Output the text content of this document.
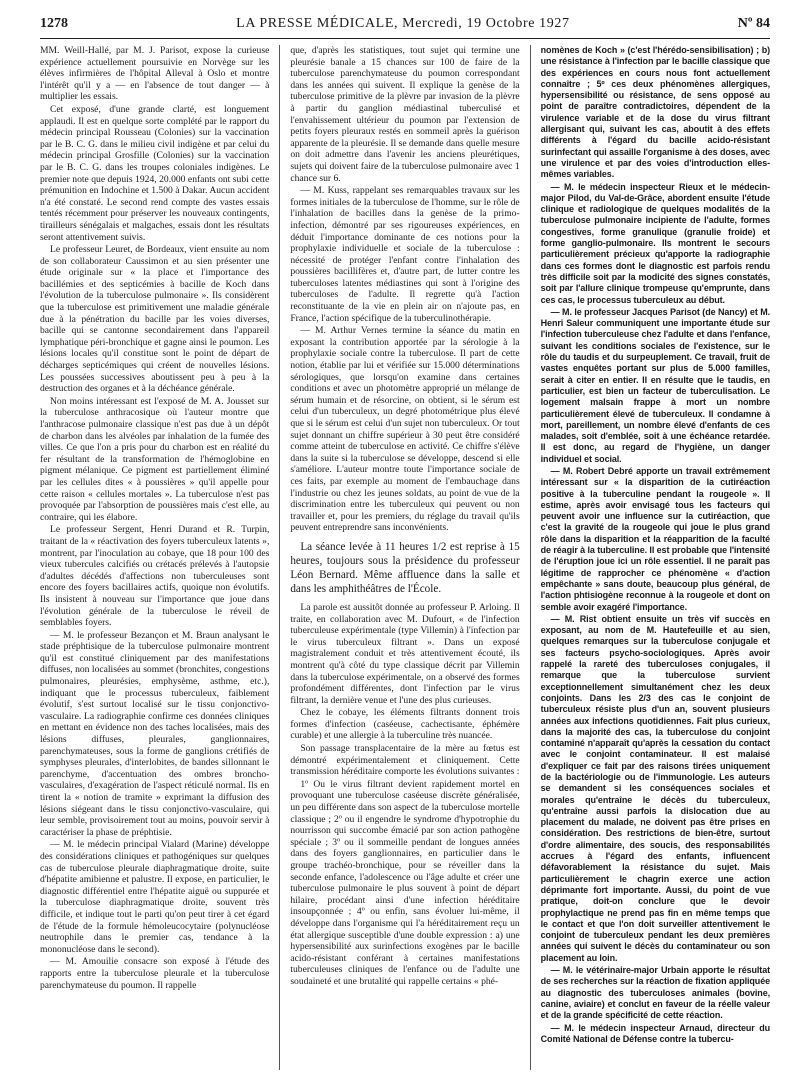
1278	LA PRESSE MÉDICALE, Mercredi, 19 Octobre 1927	Nº 84

MM. Weill-Hallé, par M. J. Parisot, expose la curieuse expérience actuellement poursuivie en Norvège sur les élèves infirmières de l'hôpital Alleval à Oslo et montre l'intérêt qu'il y a — en l'absence de tout danger — à multiplier les essais.

Cet exposé, d'une grande clarté, est longuement applaudi. Il est en quelque sorte complété par le rapport du médecin principal Rousseau (Colonies) sur la vaccination par le B. C. G. dans le milieu civil indigène et par celui du médecin principal Grosfille (Colonies) sur la vaccination par le B. C. G. dans les troupes coloniales indigènes. Le premier note que depuis 1924, 20.000 enfants ont subi cette prémunition en Indochine et 1.500 à Dakar. Aucun accident n'a été constaté. Le second rend compte des vastes essais tentés récemment pour préserver les nouveaux contingents, tirailleurs sénégalais et malgaches, essais dont les résultats seront attentivement suivis.

Le professeur Leuret, de Bordeaux, vient ensuite au nom de son collaborateur Caussimon et au sien présenter une étude originale sur « la place et l'importance des bacillémies et des septicémies à bacille de Koch dans l'évolution de la tuberculose pulmonaire ». Ils considèrent que la tuberculose est primitivement une maladie générale due à la pénétration du bacille par les voies diverses, bacille qui se cantonne secondairement dans l'appareil lymphatique péri-bronchique et gagne ainsi le poumon. Les lésions locales qu'il constitue sont le point de départ de décharges septicémiques qui créent de nouvelles lésions. Les poussées successives aboutissent peu à peu à la destruction des organes et à la déchéance générale.

Non moins intéressant est l'exposé de M. A. Jousset sur la tuberculose anthracosique où l'auteur montre que l'anthracose pulmonaire classique n'est pas due à un dépôt de charbon dans les alvéoles par inhalation de la fumée des villes. Ce que l'on a pris pour du charbon est en réalité du fer résultant de la transformation de l'hémoglobine en pigment mélanique. Ce pigment est partiellement éliminé par les cellules dites « à poussières » qu'il appelle pour cette raison « cellules mortales ». La tuberculose n'est pas provoquée par l'absorption de poussières mais c'est elle, au contraire, qui les élabore.

Le professeur Sergent, Henri Durand et R. Turpin, traitant de la « réactivation des foyers tuberculeux latents », montrent, par l'inoculation au cobaye, que 18 pour 100 des vieux tubercules calcifiés ou crétacés prélevés à l'autopsie d'adultes décédés d'affections non tuberculeuses sont encore des foyers bacillaires actifs, quoique non évolutifs. Ils insistent à nouveau sur l'importance que joue dans l'évolution générale de la tuberculose le réveil de semblables foyers.

— M. le professeur Bezançon et M. Braun analysant le stade préphtisique de la tuberculose pulmonaire montrent qu'il est constitué cliniquement par des manifestations diffuses, non localisées au sommet (bronchites, congestions pulmonaires, pleurésies, emphysème, asthme, etc.), indiquant que le processus tuberculeux, faiblement évolutif, s'est surtout localisé sur le tissu conjonctivo-vasculaire. La radiographie confirme ces données cliniques en mettant en évidence non des taches localisées, mais des lésions diffuses, pleurales, ganglionnaires, parenchymateuses, sous la forme de ganglions crétifiés de symphyses pleurales, d'interlobites, de bandes sillonnant le parenchyme, d'accentuation des ombres broncho-vasculaires, d'exagération de l'aspect réticulé normal. Ils en tirent la « notion de tramite » exprimant la diffusion des lésions siégeant dans le tissu conjonctivo-vasculaire, qui leur semble, provisoirement tout au moins, pouvoir servir à caractériser la phase de préphtisie.

— M. le médecin principal Vialard (Marine) développe des considérations cliniques et pathogéniques sur quelques cas de tuberculose pleurale diaphragmatique droite, suite d'hépatite amibienne et palustre. Il expose, en particulier, le diagnostic différentiel entre l'hépatite aiguë ou suppurée et la tuberculose diaphragmatique droite, souvent très difficile, et indique tout le parti qu'on peut tirer à cet égard de l'étude de la formule hémoleucocytaire (polynucléose neutrophile dans le premier cas, tendance à la mononucléose dans le second).

— M. Amouilie consacre son exposé à l'étude des rapports entre la tuberculose pleurale et la tuberculose parenchymateuse du poumon. Il rappelle

que, d'après les statistiques, tout sujet qui termine une pleurésie banale a 15 chances sur 100 de faire de la tuberculose parenchymateuse du poumon correspondant dans les années qui suivent. Il explique la genèse de la tuberculose primitive de la plèvre par invasion de la plèvre à partir du ganglion médiastinal tuberculisé et l'envahissement ultérieur du poumon par l'extension de petits foyers pleuraux restés en sommeil après la guérison apparente de la pleurésie. Il se demande dans quelle mesure on doit admettre dans l'avenir les anciens pleurétiques, sujets qui doivent faire de la tuberculose pulmonaire avec 1 chance sur 6.

— M. Kuss, rappelant ses remarquables travaux sur les formes initiales de la tuberculose de l'homme, sur le rôle de l'inhalation de bacilles dans la genèse de la primo-infection, démontré par ses rigoureuses expériences, en déduit l'importance dominante de ces notions pour la prophylaxie individuelle et sociale de la tuberculose : nécessité de protéger l'enfant contre l'inhalation des poussières bacillifères et, d'autre part, de lutter contre les tuberculoses latentes médiastines qui sont à l'origine des tuberculoses de l'adulte. Il regrette qu'à l'action reconstituante de la vie en plein air on n'ajoute pas, en France, l'action spécifique de la tuberculinothérapie.

— M. Arthur Vernes termine la séance du matin en exposant la contribution apportée par la sérologie à la prophylaxie sociale contre la tuberculose. Il part de cette notion, établie par lui et vérifiée sur 15.000 déterminations sérologiques, que lorsqu'on examine dans certaines conditions et avec un photomètre approprié un mélange de sérum humain et de résorcine, on obtient, si le sérum est celui d'un tuberculeux, un degré photométrique plus élevé que si le sérum est celui d'un sujet non tuberculeux. Or tout sujet donnant un chiffre supérieur à 30 peut être considéré comme atteint de tuberculose en activité. Ce chiffre s'élève dans la suite si la tuberculose se développe, descend si elle s'améliore. L'auteur montre toute l'importance sociale de ces faits, par exemple au moment de l'embauchage dans l'industrie ou chez les jeunes soldats, au point de vue de la discrimination entre les tuberculeux qui peuvent ou non travailler et, pour les premiers, du réglage du travail qu'ils peuvent entreprendre sans inconvénients.

La séance levée à 11 heures 1/2 est reprise à 15 heures, toujours sous la présidence du professeur Léon Bernard. Même affluence dans la salle et dans les amphithéâtres de l'École.

La parole est aussitôt donnée au professeur P. Arloing. Il traite, en collaboration avec M. Dufourt, « de l'infection tuberculeuse expérimentale (type Villemin) à l'infection par le virus tuberculeux filtrant ». Dans un exposé magistralement conduit et très attentivement écouté, ils montrent qu'à côté du type classique décrit par Villemin dans la tuberculose expérimentale, on a observé des formes profondément différentes, dont l'infection par le virus filtrant, la dernière venue et l'une des plus curieuses.

Chez le cobaye, les éléments filtrants donnent trois formes d'infection (caséeuse, cachectisante, éphémère curable) et une allergie à la tuberculine très nuancée.

Son passage transplacentaire de la mère au fœtus est démontré expérimentalement et cliniquement. Cette transmission héréditaire comporte les évolutions suivantes :

1º Ou le virus filtrant devient rapidement mortel en provoquant une tuberculose caséeuse discrète généralisée, un peu différente dans son aspect de la tuberculose mortelle classique ; 2º ou il engendre le syndrome d'hypotrophie du nourrisson qui succombe émacié par son action pathogène spéciale ; 3º ou il sommeille pendant de longues années dans des foyers ganglionnaires, en particulier dans le groupe trachéo-bronchique, pour se réveiller dans la seconde enfance, l'adolescence ou l'âge adulte et créer une tuberculose pulmonaire le plus souvent à point de départ hilaire, procédant ainsi d'une infection héréditaire insoupçonnée ; 4º ou enfin, sans évoluer lui-même, il développe dans l'organisme qui l'a héréditairement reçu un état allergique susceptible d'une double expression : a) une hypersensibilité aux surinfections exogènes par le bacille acido-résistant conférant à certaines manifestations tuberculeuses cliniques de l'enfance ou de l'adulte une soudaineté et une brutalité qui rappelle certains « phé-

nomènes de Koch » (c'est l'hérédo-sensibilisation) ; b) une résistance à l'infection par le bacille classique que des expériences en cours nous font actuellement connaître ; 5º ces deux phénomènes allergiques, hypersensibilité ou résistance, de sens opposé au point de paraître contradictoires, dépendent de la virulence variable et de la dose du virus filtrant allergisant qui, suivant les cas, aboutit à des effets différents à l'égard du bacille acido-résistant surinfectant qui assaille l'organisme à des doses, avec une virulence et par des voies d'introduction elles-mêmes variables.

— M. le médecin inspecteur Rieux et le médecin-major Pilod, du Val-de-Grâce, abordent ensuite l'étude clinique et radiologique de quelques modalités de la tuberculose pulmonaire incipiente de l'adulte, formes congestives, forme granulique (granulie froide) et forme ganglio-pulmonaire. Ils montrent le secours particulièrement précieux qu'apporte la radiographie dans ces formes dont le diagnostic est parfois rendu très difficile soit par la modicité des signes constatés, soit par l'allure clinique trompeuse qu'emprunte, dans ces cas, le processus tuberculeux au début.

— M. le professeur Jacques Parisot (de Nancy) et M. Henri Saleur communiquent une importante étude sur l'infection tuberculeuse chez l'adulte et dans l'enfance, suivant les conditions sociales de l'existence, sur le rôle du taudis et du surpeuplement. Ce travail, fruit de vastes enquêtes portant sur plus de 5.000 familles, serait à citer en entier. Il en résulte que le taudis, en particulier, est bien un facteur de tuberculisation. Le logement malsain frappe à mort un nombre particulièrement élevé de tuberculeux. Il condamne à mort, pareillement, un nombre élevé d'enfants de ces malades, soit d'emblée, soit à une échéance retardée. Il est donc, au regard de l'hygiène, un danger individuel et social.

— M. Robert Debré apporte un travail extrêmement intéressant sur « la disparition de la cutiréaction positive à la tuberculine pendant la rougeole ». Il estime, après avoir envisagé tous les facteurs qui peuvent avoir une influence sur la cutiréaction, que c'est la gravité de la rougeole qui joue le plus grand rôle dans la disparition et la réapparition de la faculté de réagir à la tuberculine. Il est probable que l'intensité de l'éruption joue ici un rôle essentiel. Il ne paraît pas légitime de rapprocher ce phénomène « d'action empêchante » sans doute, beaucoup plus général, de l'action phtisiogène reconnue à la rougeole et dont on semble avoir exagéré l'importance.

— M. Rist obtient ensuite un très vif succès en exposant, au nom de M. Hautefeuille et au sien, quelques remarques sur la tuberculose conjugale et ses facteurs psycho-sociologiques. Après avoir rappelé la rareté des tuberculoses conjugales, il remarque que la tuberculose survient exceptionnellement simultanément chez les deux conjoints. Dans les 2/3 des cas le conjoint de tuberculeux résiste plus d'un an, souvent plusieurs années aux infections quotidiennes. Fait plus curieux, dans la majorité des cas, la tuberculose du conjoint contaminé n'apparaît qu'après la cessation du contact avec le conjoint contaminateur. Il est malaisé d'expliquer ce fait par des raisons tirées uniquement de la bactériologie ou de l'immunologie. Les auteurs se demandent si les conséquences sociales et morales qu'entraîne le décès du tuberculeux, qu'entraîne aussi parfois la dislocation due au placement du malade, ne doivent pas être prises en considération. Des restrictions de bien-être, surtout d'ordre alimentaire, des soucis, des responsabilités accrues à l'égard des enfants, influencent défavorablement la résistance du sujet. Mais particulièrement le chagrin exerce une action déprimante fort importante. Aussi, du point de vue pratique, doit-on conclure que le devoir prophylactique ne prend pas fin en même temps que le contact et que l'on doit surveiller attentivement le conjoint de tuberculeux pendant les deux premières années qui suivent le décès du contaminateur ou son placement au loin.

— M. le vétérinaire-major Urbain apporte le résultat de ses recherches sur la réaction de fixation appliquée au diagnostic des tuberculoses animales (bovine, canine, aviaire) et conclut en faveur de la réelle valeur et de la grande spécificité de cette réaction.

— M. le médecin inspecteur Arnaud, directeur du Comité National de Défense contre la tubercu-
